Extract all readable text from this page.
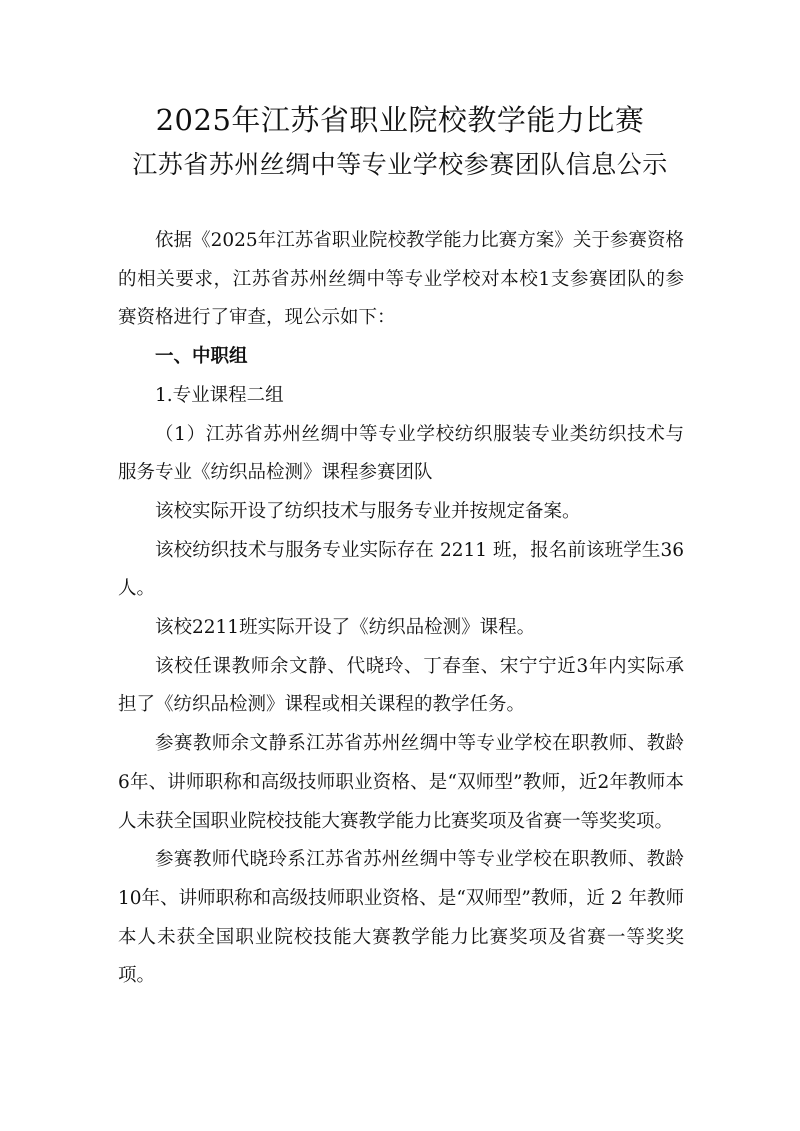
2025年江苏省职业院校教学能力比赛
江苏省苏州丝绸中等专业学校参赛团队信息公示

依据《2025年江苏省职业院校教学能力比赛方案》关于参赛资格的相关要求，江苏省苏州丝绸中等专业学校对本校1支参赛团队的参赛资格进行了审查，现公示如下：

一、中职组

1.专业课程二组

（1）江苏省苏州丝绸中等专业学校纺织服装专业类纺织技术与服务专业《纺织品检测》课程参赛团队

该校实际开设了纺织技术与服务专业并按规定备案。

该校纺织技术与服务专业实际存在 2211 班，报名前该班学生36人。

该校2211班实际开设了《纺织品检测》课程。

该校任课教师余文静、代晓玲、丁春奎、宋宁宁近3年内实际承担了《纺织品检测》课程或相关课程的教学任务。

参赛教师余文静系江苏省苏州丝绸中等专业学校在职教师、教龄6年、讲师职称和高级技师职业资格、是“双师型”教师，近2年教师本人未获全国职业院校技能大赛教学能力比赛奖项及省赛一等奖奖项。

参赛教师代晓玲系江苏省苏州丝绸中等专业学校在职教师、教龄10年、讲师职称和高级技师职业资格、是“双师型”教师，近 2 年教师本人未获全国职业院校技能大赛教学能力比赛奖项及省赛一等奖奖项。
